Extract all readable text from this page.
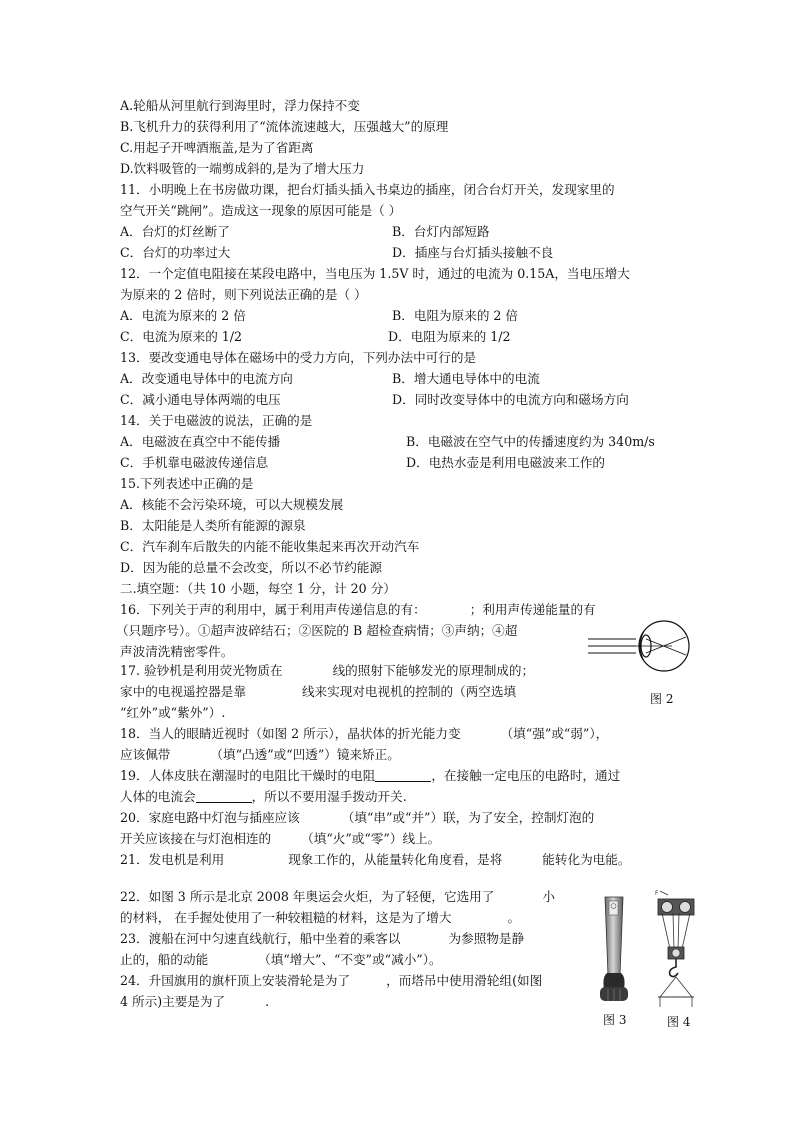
A.轮船从河里航行到海里时，浮力保持不变
B.飞机升力的获得利用了“流体流速越大，压强越大”的原理
C.用起子开啤酒瓶盖,是为了省距离
D.饮料吸管的一端剪成斜的,是为了增大压力
11．小明晚上在书房做功课，把台灯插头插入书桌边的插座，闭合台灯开关，发现家里的
空气开关“跳闸”。造成这一现象的原因可能是（ ）
A．台灯的灯丝断了	B．台灯内部短路
C．台灯的功率过大	D．插座与台灯插头接触不良
12．一个定值电阻接在某段电路中，当电压为 1.5V 时，通过的电流为 0.15A，当电压增大
为原来的 2 倍时，则下列说法正确的是（ ）
A．电流为原来的 2 倍	B．电阻为原来的 2 倍
C．电流为原来的 1/2	D．电阻为原来的 1/2
13．要改变通电导体在磁场中的受力方向，下列办法中可行的是
A．改变通电导体中的电流方向	B．增大通电导体中的电流
C．减小通电导体两端的电压	D．同时改变导体中的电流方向和磁场方向
14．关于电磁波的说法，正确的是
A．电磁波在真空中不能传播	B．电磁波在空气中的传播速度约为 340m/s
C．手机靠电磁波传递信息	D．电热水壶是利用电磁波来工作的
15.下列表述中正确的是
A．核能不会污染环境，可以大规模发展
B．太阳能是人类所有能源的源泉
C．汽车刹车后散失的内能不能收集起来再次开动汽车
D．因为能的总量不会改变，所以不必节约能源
二.填空题：（共 10 小题，每空 1 分，计 20 分）
16．下列关于声的利用中，属于利用声传递信息的有：	；利用声传递能量的有
（只题序号）。①超声波碎结石；②医院的 B 超检查病情；③声纳；④超
声波清洗精密零件。
图 2
17. 验钞机是利用荧光物质在	线的照射下能够发光的原理制成的；
家中的电视遥控器是靠	线来实现对电视机的控制的（两空选填
“红外”或“紫外”）.
18．当人的眼睛近视时（如图 2 所示），晶状体的折光能力变	（填“强”或“弱”），
应该佩带	（填“凸透”或“凹透”）镜来矫正。
19．人体皮肤在潮湿时的电阻比干燥时的电阻	，在接触一定电压的电路时，通过
人体的电流会	，所以不要用湿手拨动开关.
20．家庭电路中灯泡与插座应该	（填“串”或“并”）联，为了安全，控制灯泡的
开关应该接在与灯泡相连的 （填“火”或“零”）线上。
21．发电机是利用	现象工作的，从能量转化角度看，是将	能转化为电能。
22．如图 3 所示是北京 2008 年奥运会火炬，为了轻便，它选用了	小
的材料， 在手握处使用了一种较粗糙的材料，这是为了增大	。
23．渡船在河中匀速直线航行，船中坐着的乘客以	为参照物是静
止的，船的动能	（填“增大”、“不变”或“减小”）。
24．升国旗用的旗杆顶上安装滑轮是为了	，而塔吊中使用滑轮组(如图
4 所示)主要是为了	.
图 3
F
图 4
